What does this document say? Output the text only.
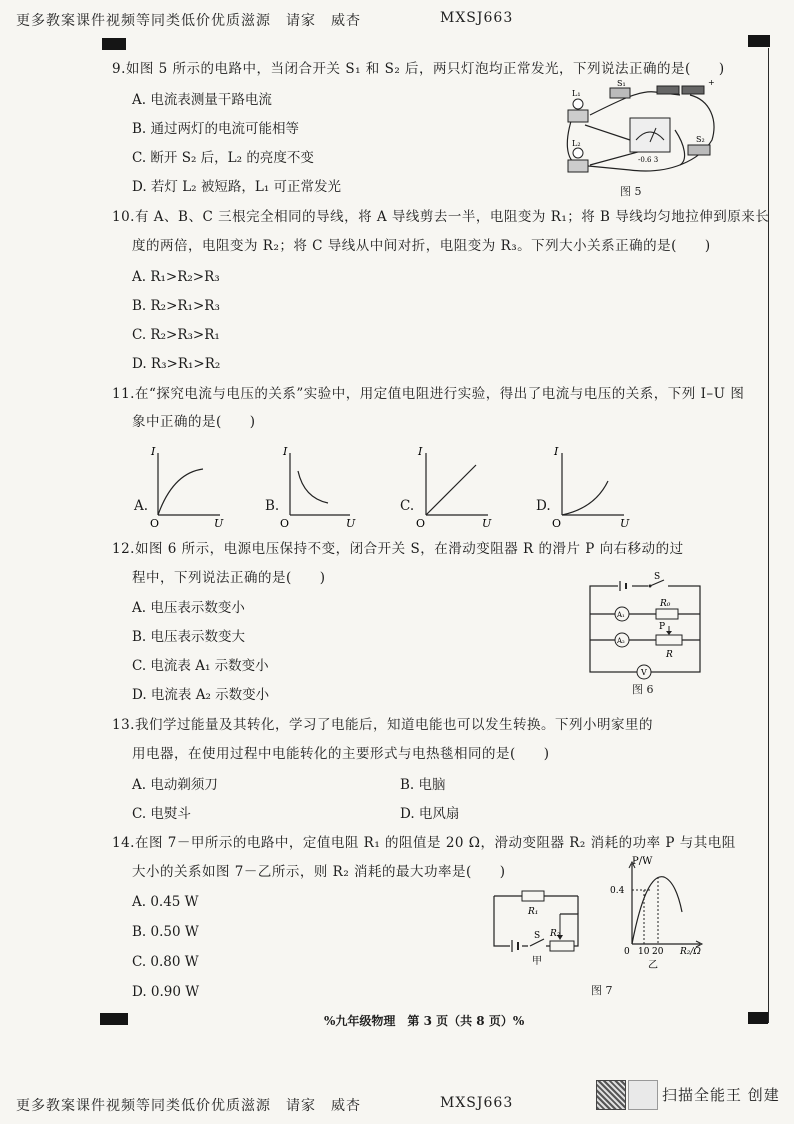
更多教案课件视频等同类低价优质滋源　请家　威杏	MXSJ663
9.如图 5 所示的电路中，当闭合开关 S₁ 和 S₂ 后，两只灯泡均正常发光，下列说法正确的是(　　)
A. 电流表测量干路电流
B. 通过两灯的电流可能相等
C. 断开 S₂ 后，L₂ 的亮度不变
D. 若灯 L₂ 被短路，L₁ 可正常发光
-0.6 3
L₁
L₂
S₁
S₂
+
图 5
10.有 A、B、C 三根完全相同的导线，将 A 导线剪去一半，电阻变为 R₁；将 B 导线均匀地拉伸到原来长
度的两倍，电阻变为 R₂；将 C 导线从中间对折，电阻变为 R₃。下列大小关系正确的是(　　)
A. R₁>R₂>R₃
B. R₂>R₁>R₃
C. R₂>R₃>R₁
D. R₃>R₁>R₂
11.在“探究电流与电压的关系”实验中，用定值电阻进行实验，得出了电流与电压的关系，下列 I–U 图
象中正确的是(　　)
A.
I
O	U
B.
I
O	U
C.
I
O	U
D.
I
O	U
12.如图 6 所示，电源电压保持不变，闭合开关 S，在滑动变阻器 R 的滑片 P 向右移动的过
程中，下列说法正确的是(　　)
A. 电压表示数变小
B. 电压表示数变大
C. 电流表 A₁ 示数变小
D. 电流表 A₂ 示数变小
S
A₁
R₀
A₂
P
R
V
图 6
13.我们学过能量及其转化，学习了电能后，知道电能也可以发生转换。下列小明家里的
用电器，在使用过程中电能转化的主要形式与电热毯相同的是(　　)
A. 电动剃须刀	B. 电脑
C. 电熨斗	D. 电风扇
14.在图 7－甲所示的电路中，定值电阻 R₁ 的阻值是 20 Ω，滑动变阻器 R₂ 消耗的功率 P 与其电阻
大小的关系如图 7－乙所示，则 R₂ 消耗的最大功率是(　　)
A. 0.45 W
B. 0.50 W
C. 0.80 W
D. 0.90 W
R₁
S R₂
甲
P/W
0.4
0 10 20 R₂/Ω
乙
图 7
%九年级物理　第 3 页（共 8 页）%
更多教案课件视频等同类低价优质滋源　请家　威杏	MXSJ663	扫描全能王 创建
